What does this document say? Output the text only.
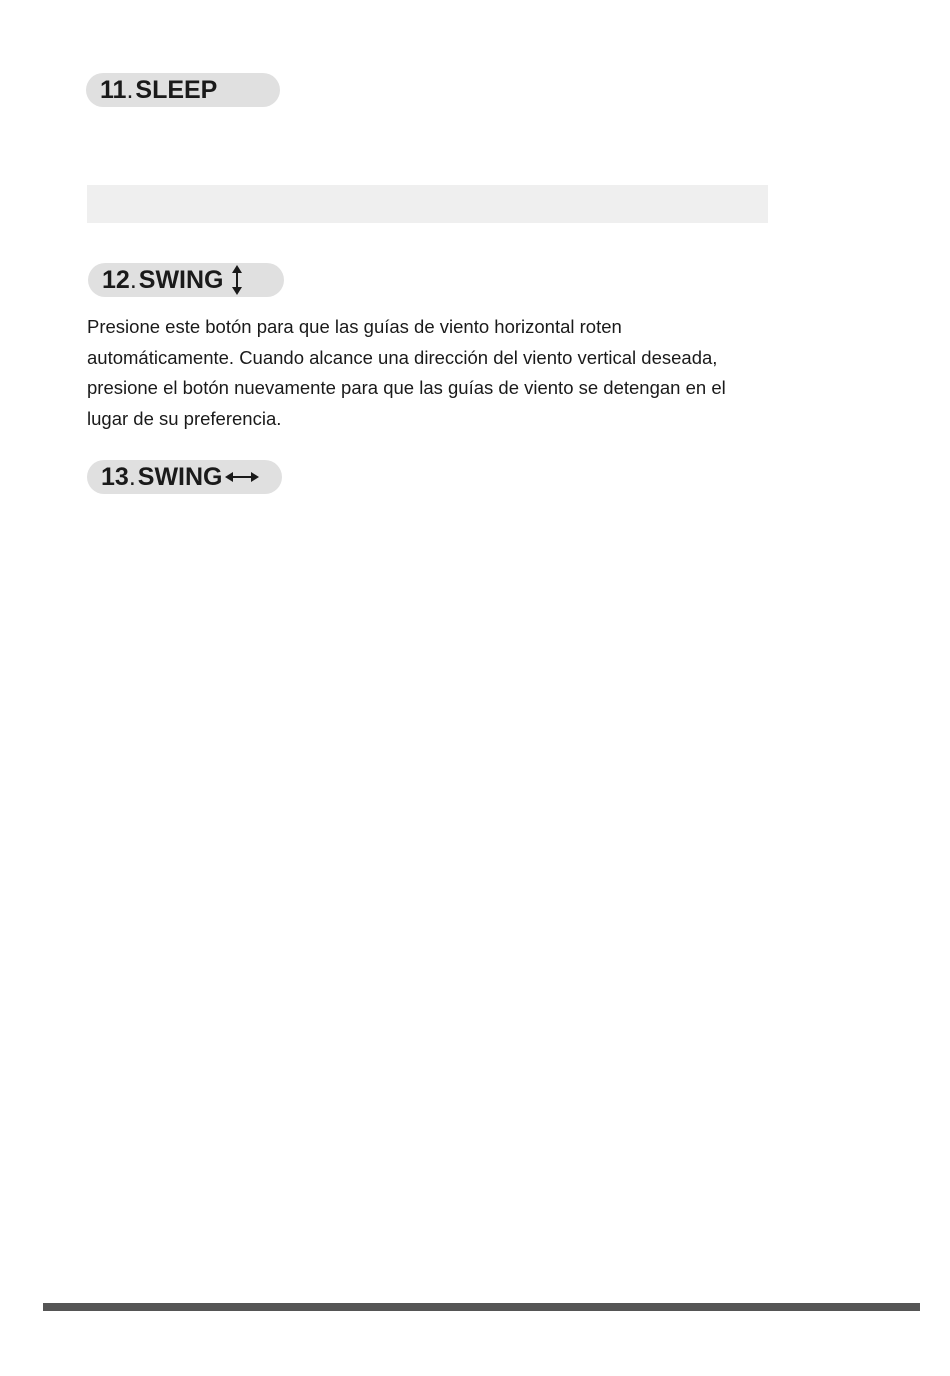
11 . SLEEP
12 . SWING

Presione este botón para que las guías de viento horizontal roten
automáticamente. Cuando alcance una dirección del viento vertical deseada,
presione el botón nuevamente para que las guías de viento se detengan en el
lugar de su preferencia.

13 . SWING
